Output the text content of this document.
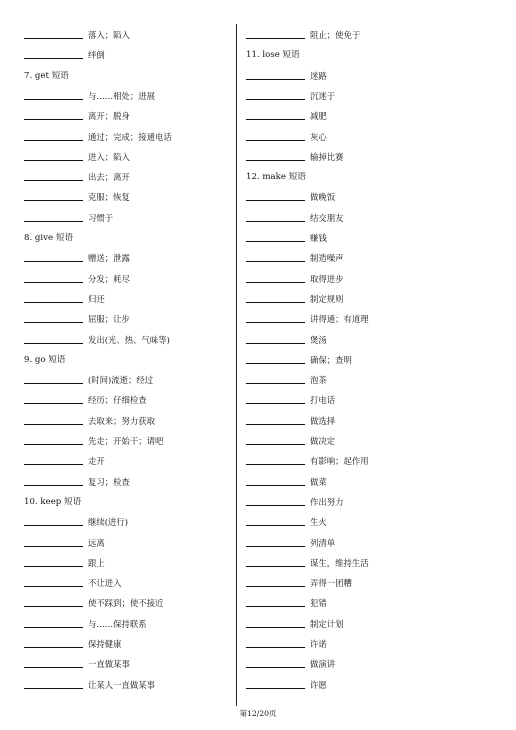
落入；陷入
绊倒
7. get 短语
与……相处；进展
离开；脱身
通过；完成；接通电话
进入；陷入
出去；离开
克服；恢复
习惯于
8. give 短语
赠送；泄露
分发；耗尽
归还
屈服；让步
发出(光、热、气味等)
9. go 短语
(时间)流逝；经过
经历；仔细检查
去取来；努力获取
先走；开始干；请吧
走开
复习；检查
10. keep 短语
继续(进行)
远离
跟上
不让进入
使不踩到；使不接近
与……保持联系
保持健康
一直做某事
让某人一直做某事
阻止；使免于
11. lose 短语
迷路
沉迷于
减肥
灰心
输掉比赛
12. make 短语
做晚饭
结交朋友
赚钱
制造噪声
取得进步
制定规则
讲得通；有道理
煲汤
确保；查明
泡茶
打电话
做选择
做决定
有影响；起作用
做菜
作出努力
生火
列清单
谋生，维持生活
弄得一团糟
犯错
制定计划
许诺
做演讲
许愿
第12/20页
